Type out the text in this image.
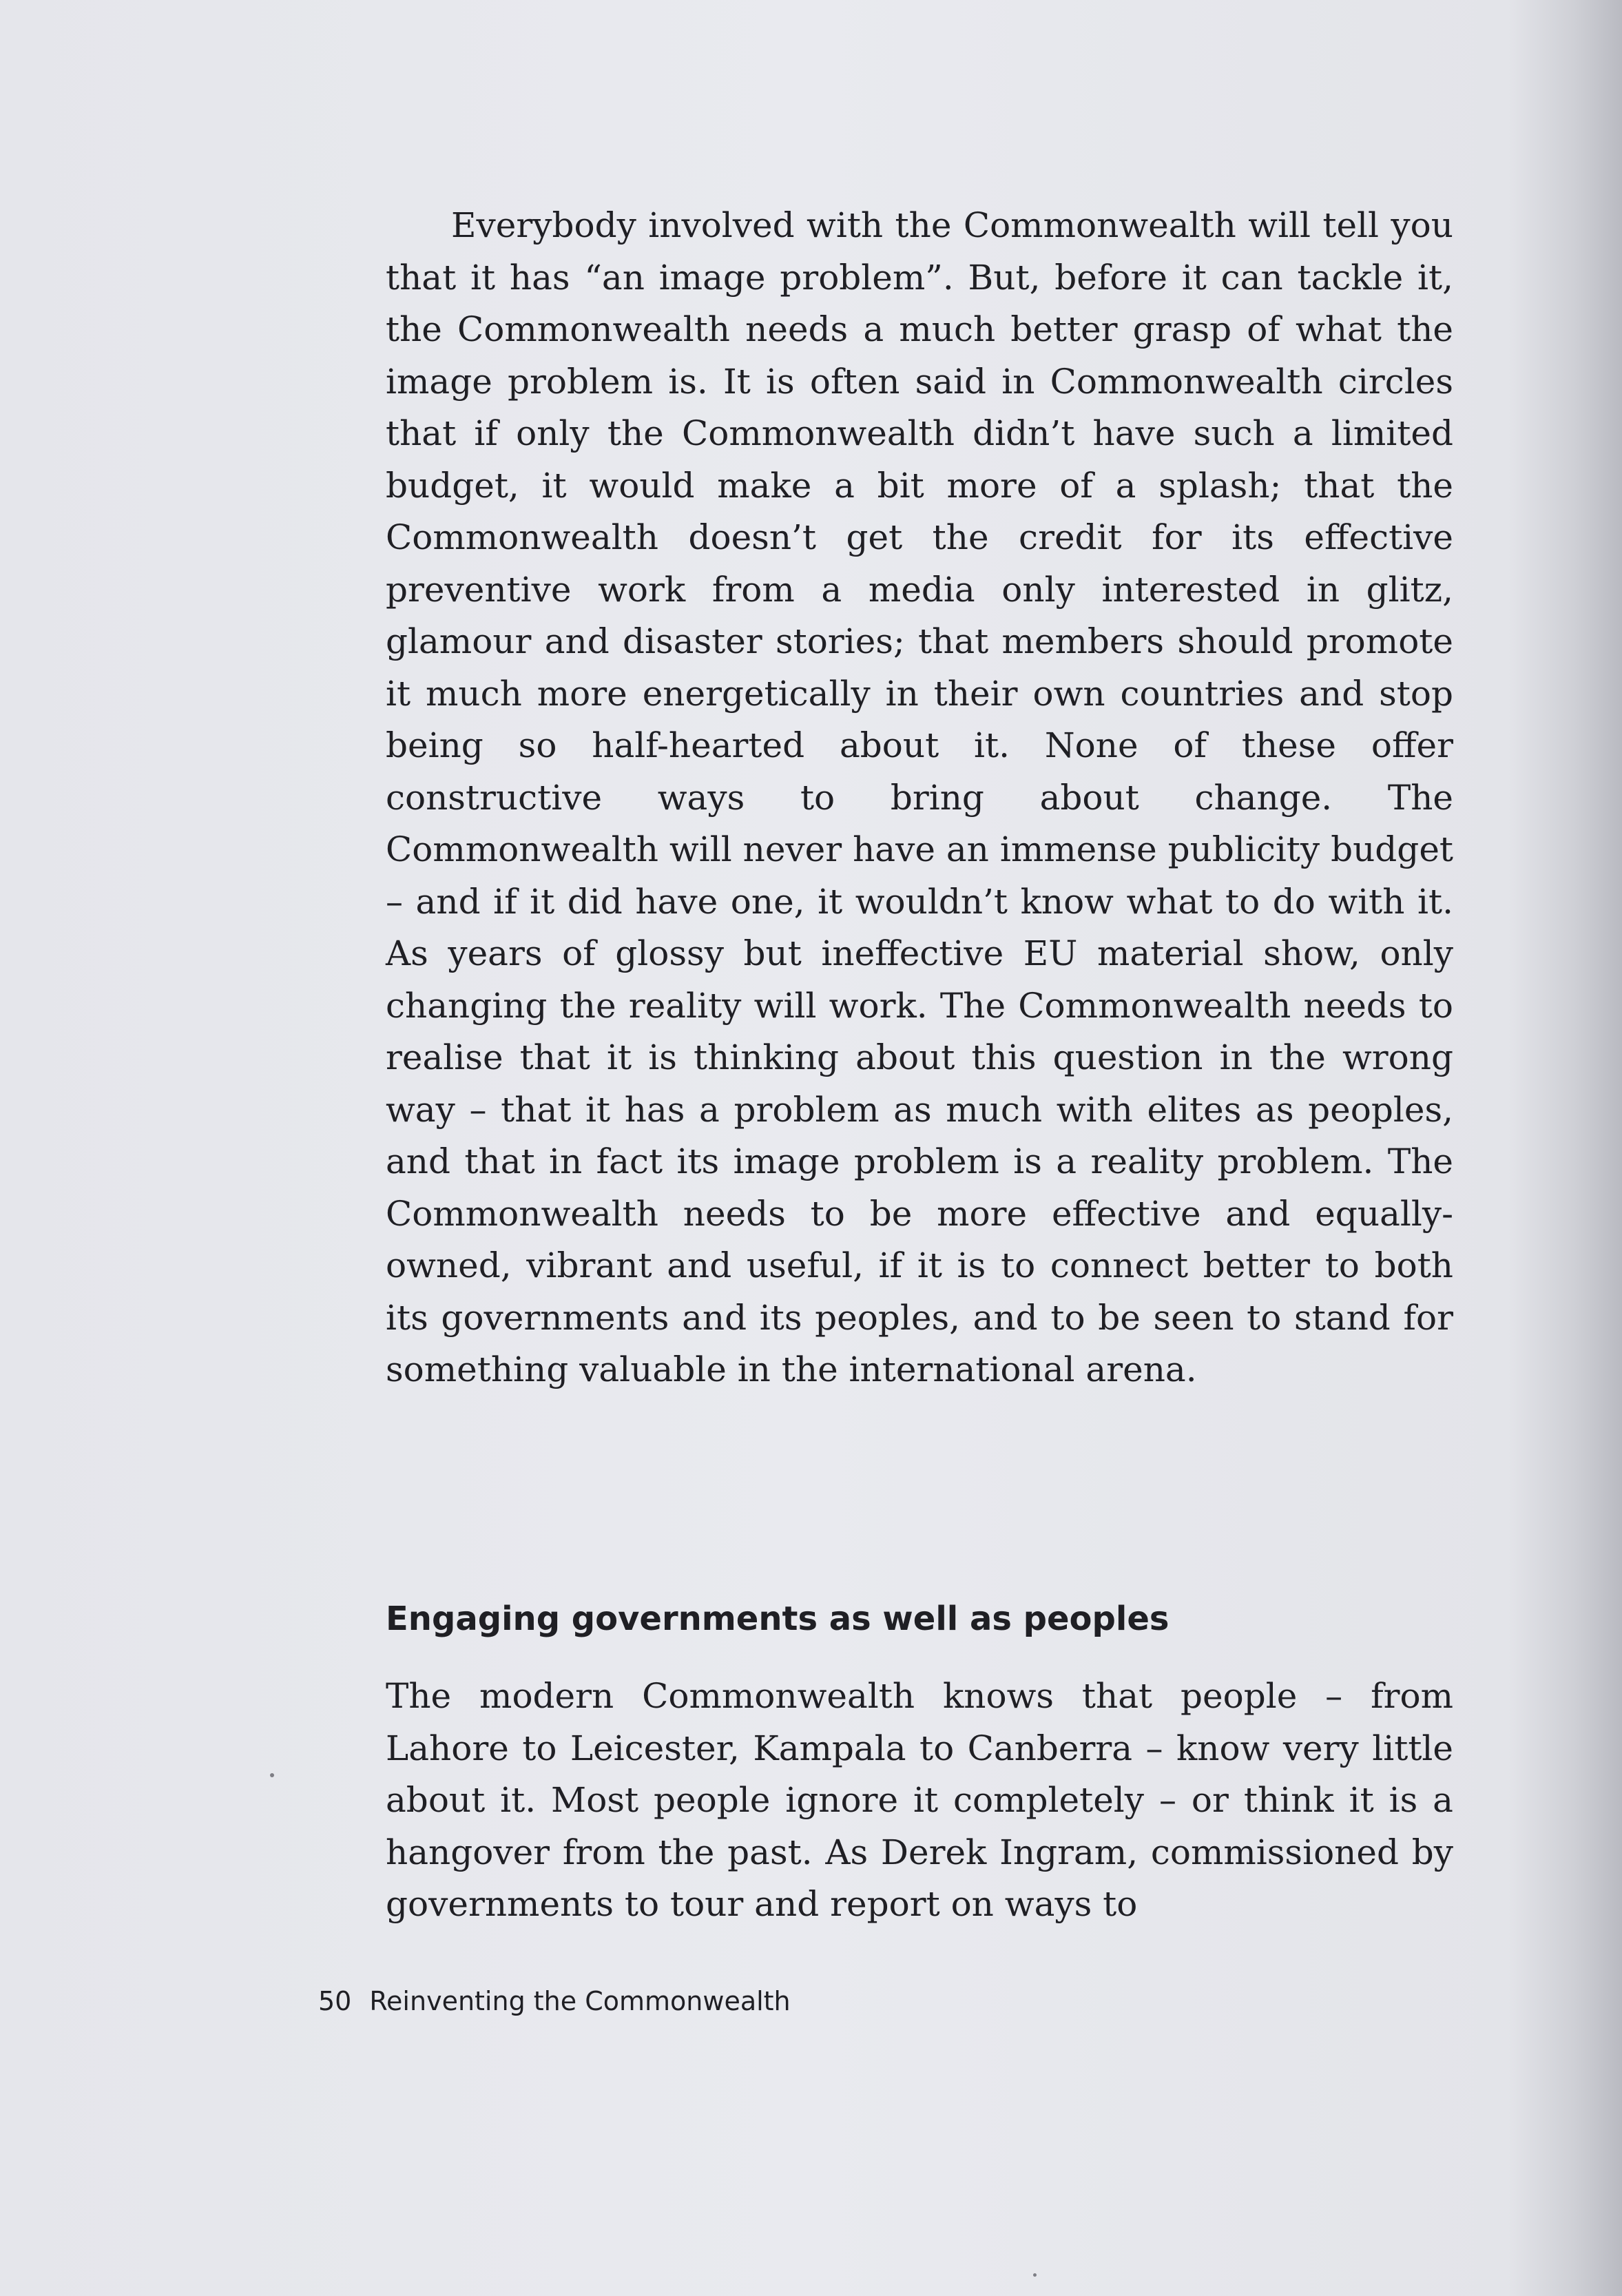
Everybody involved with the Commonwealth will tell you that it has “an image problem”. But, before it can tackle it, the Commonwealth needs a much better grasp of what the image problem is. It is often said in Commonwealth circles that if only the Commonwealth didn’t have such a limited budget, it would make a bit more of a splash; that the Commonwealth doesn’t get the credit for its effective preventive work from a media only interested in glitz, glamour and disaster stories; that members should promote it much more energetically in their own countries and stop being so half-hearted about it. None of these offer constructive ways to bring about change. The Commonwealth will never have an immense publicity budget – and if it did have one, it wouldn’t know what to do with it. As years of glossy but ineffective EU material show, only changing the reality will work. The Commonwealth needs to realise that it is thinking about this question in the wrong way – that it has a problem as much with elites as peoples, and that in fact its image problem is a reality problem. The Commonwealth needs to be more effective and equally-owned, vibrant and useful, if it is to connect better to both its governments and its peoples, and to be seen to stand for something valuable in the international arena.

Engaging governments as well as peoples

The modern Commonwealth knows that people – from Lahore to Leicester, Kampala to Canberra – know very little about it. Most people ignore it completely – or think it is a hangover from the past. As Derek Ingram, commissioned by governments to tour and report on ways to

50 Reinventing the Commonwealth
